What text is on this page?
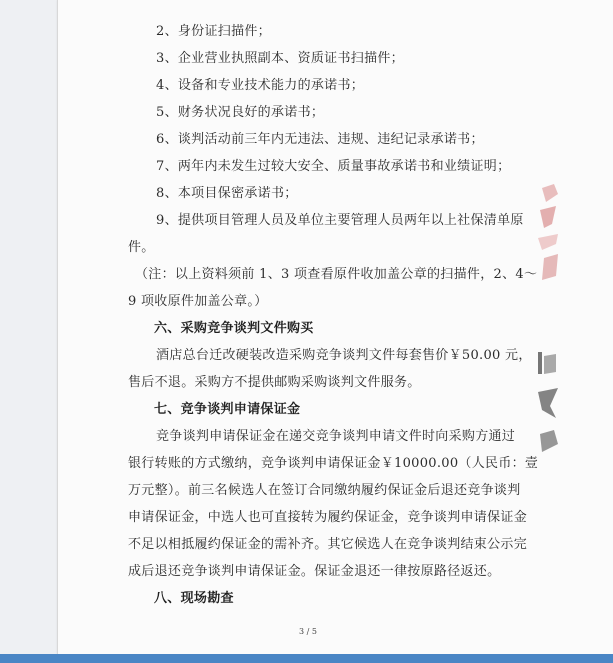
2、身份证扫描件；
3、企业营业执照副本、资质证书扫描件；
4、设备和专业技术能力的承诺书；
5、财务状况良好的承诺书；
6、谈判活动前三年内无违法、违规、违纪记录承诺书；
7、两年内未发生过较大安全、质量事故承诺书和业绩证明；
8、本项目保密承诺书；
9、提供项目管理人员及单位主要管理人员两年以上社保清单原
件。
（注：以上资料须前 1、3 项查看原件收加盖公章的扫描件，2、4～
9 项收原件加盖公章。）
六、采购竞争谈判文件购买
酒店总台迁改硬装改造采购竞争谈判文件每套售价￥50.00 元，
售后不退。采购方不提供邮购采购谈判文件服务。
七、竞争谈判申请保证金
竞争谈判申请保证金在递交竞争谈判申请文件时向采购方通过
银行转账的方式缴纳，竞争谈判申请保证金￥10000.00（人民币：壹
万元整）。前三名候选人在签订合同缴纳履约保证金后退还竞争谈判
申请保证金，中选人也可直接转为履约保证金，竞争谈判申请保证金
不足以相抵履约保证金的需补齐。其它候选人在竞争谈判结束公示完
成后退还竞争谈判申请保证金。保证金退还一律按原路径返还。
八、现场勘查
3 / 5
